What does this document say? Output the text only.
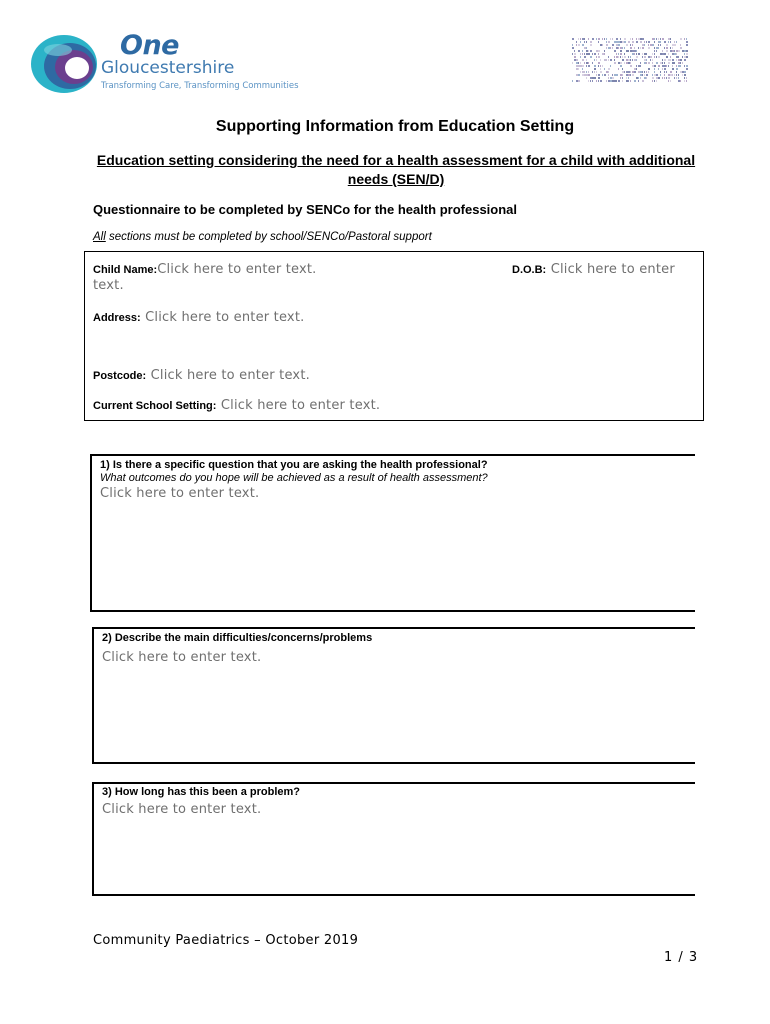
One
Gloucestershire
Transforming Care, Transforming Communities
Supporting Information from Education Setting
Education setting considering the need for a health assessment for a child with additional needs (SEN/D)
Questionnaire to be completed by SENCo for the health professional
All sections must be completed by school/SENCo/Pastoral support
Child Name:Click here to enter text.
text.
D.O.B: Click here to enter
Address: Click here to enter text.
Postcode: Click here to enter text.
Current School Setting: Click here to enter text.
1) Is there a specific question that you are asking the health professional?
What outcomes do you hope will be achieved as a result of health assessment?
Click here to enter text.
2) Describe the main difficulties/concerns/problems
Click here to enter text.
3) How long has this been a problem?
Click here to enter text.
Community Paediatrics – October 2019
1 / 3
